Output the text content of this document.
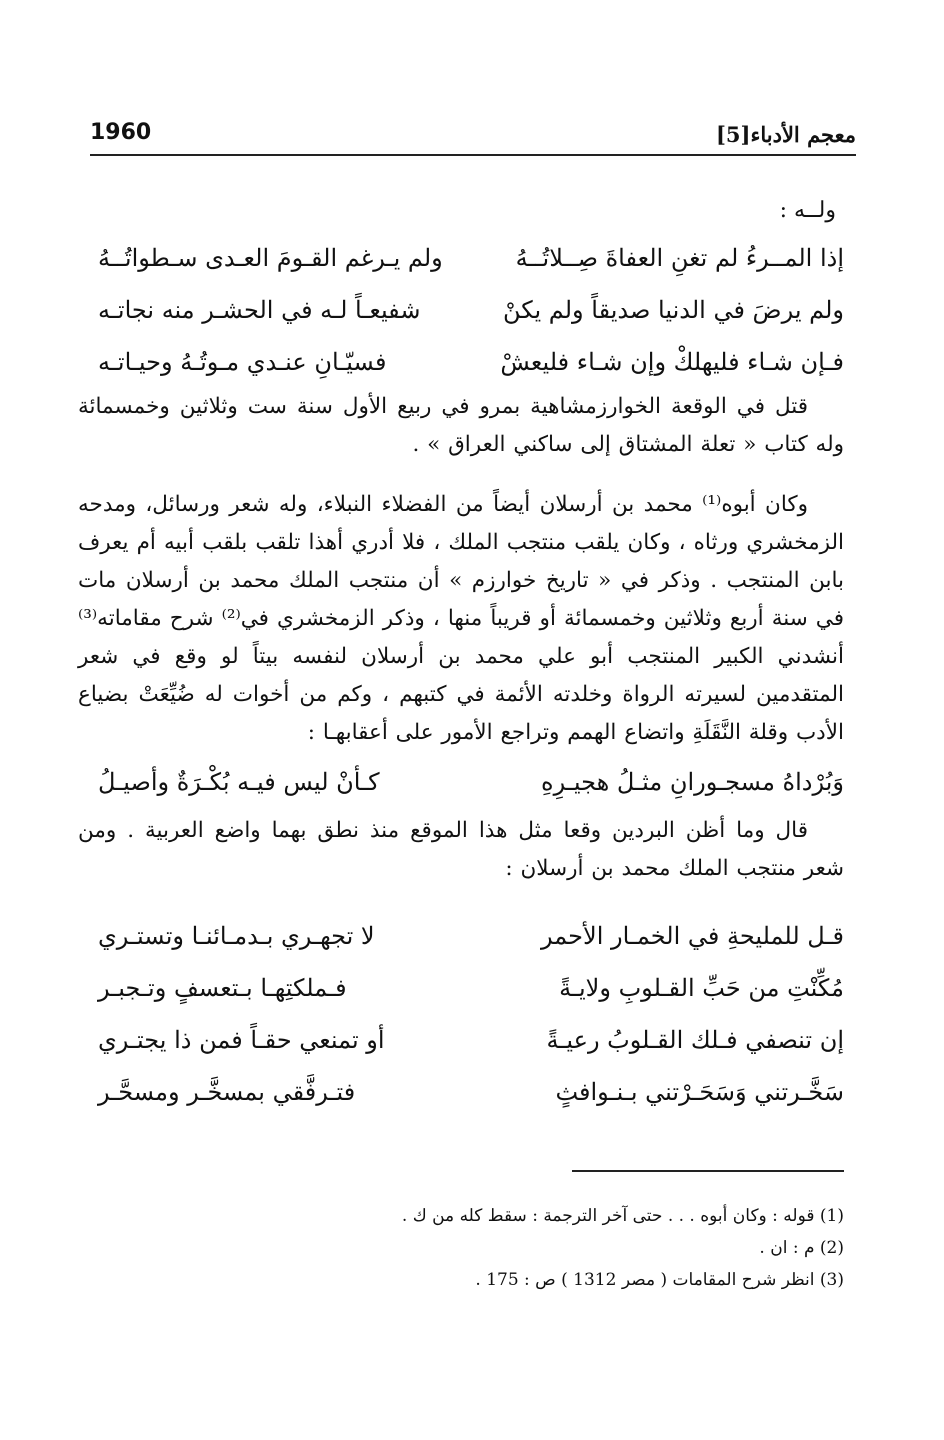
معجم الأدباء[5]
1960
ولــه :
إذا المــرءُ لم تغنِ العفاةَ صِــلاتُــهُ
ولم يـرغم القـومَ العـدى سـطواتُــهُ
ولم يرضَ في الدنيا صديقاً ولم يكنْ
شفيعـاً لـه في الحشـر منه نجاتـه
فـإن شـاء فليهلكْ وإن شـاء فليعشْ
فسيّـانِ عنـدي مـوتُـهُ وحيـاتـه

قتل في الوقعة الخوارزمشاهية بمرو في ربيع الأول سنة ست وثلاثين وخمسمائة وله كتاب « تعلة المشتاق إلى ساكني العراق » .

وكان أبوه⁽¹⁾ محمد بن أرسلان أيضاً من الفضلاء النبلاء، وله شعر ورسائل، ومدحه الزمخشري ورثاه ، وكان يلقب منتجب الملك ، فلا أدري أهذا تلقب بلقب أبيه أم يعرف بابن المنتجب . وذكر في « تاريخ خوارزم » أن منتجب الملك محمد بن أرسلان مات في سنة أربع وثلاثين وخمسمائة أو قريباً منها ، وذكر الزمخشري في⁽²⁾ شرح مقاماته⁽³⁾ أنشدني الكبير المنتجب أبو علي محمد بن أرسلان لنفسه بيتاً لو وقع في شعر المتقدمين لسيرته الرواة وخلدته الأئمة في كتبهم ، وكم من أخوات له ضُيِّعَتْ بضياع الأدب وقلة النَّقَلَةِ واتضاع الهمم وتراجع الأمور على أعقابهـا :

وَبُرْداهُ مسجـورانِ مثـلُ هجيـرِهِ
كـأنْ ليس فيـه بُكْـرَةٌ وأصيـلُ

قال وما أظن البردين وقعا مثل هذا الموقع منذ نطق بهما واضع العربية . ومن شعر منتجب الملك محمد بن أرسلان :

قـل للمليحةِ في الخمـار الأحمر
لا تجهـري بـدمـائنـا وتستـري
مُكِّنْتِ من حَبِّ القـلوبِ ولايـةً
فـملكتِهـا بـتعسفٍ وتـجبـر
إن تنصفي فـلك القـلوبُ رعيـةً
أو تمنعي حقـاً فمن ذا يجتـري
سَخَّـرتني وَسَحَـرْتني بـنـوافثٍ
فتـرفَّقي بمسخَّـر ومسحَّـر
(1) قوله : وكان أبوه . . . حتى آخر الترجمة : سقط كله من ك .
(2) م : ان .
(3) انظر شرح المقامات ( مصر 1312 ) ص : 175 .
